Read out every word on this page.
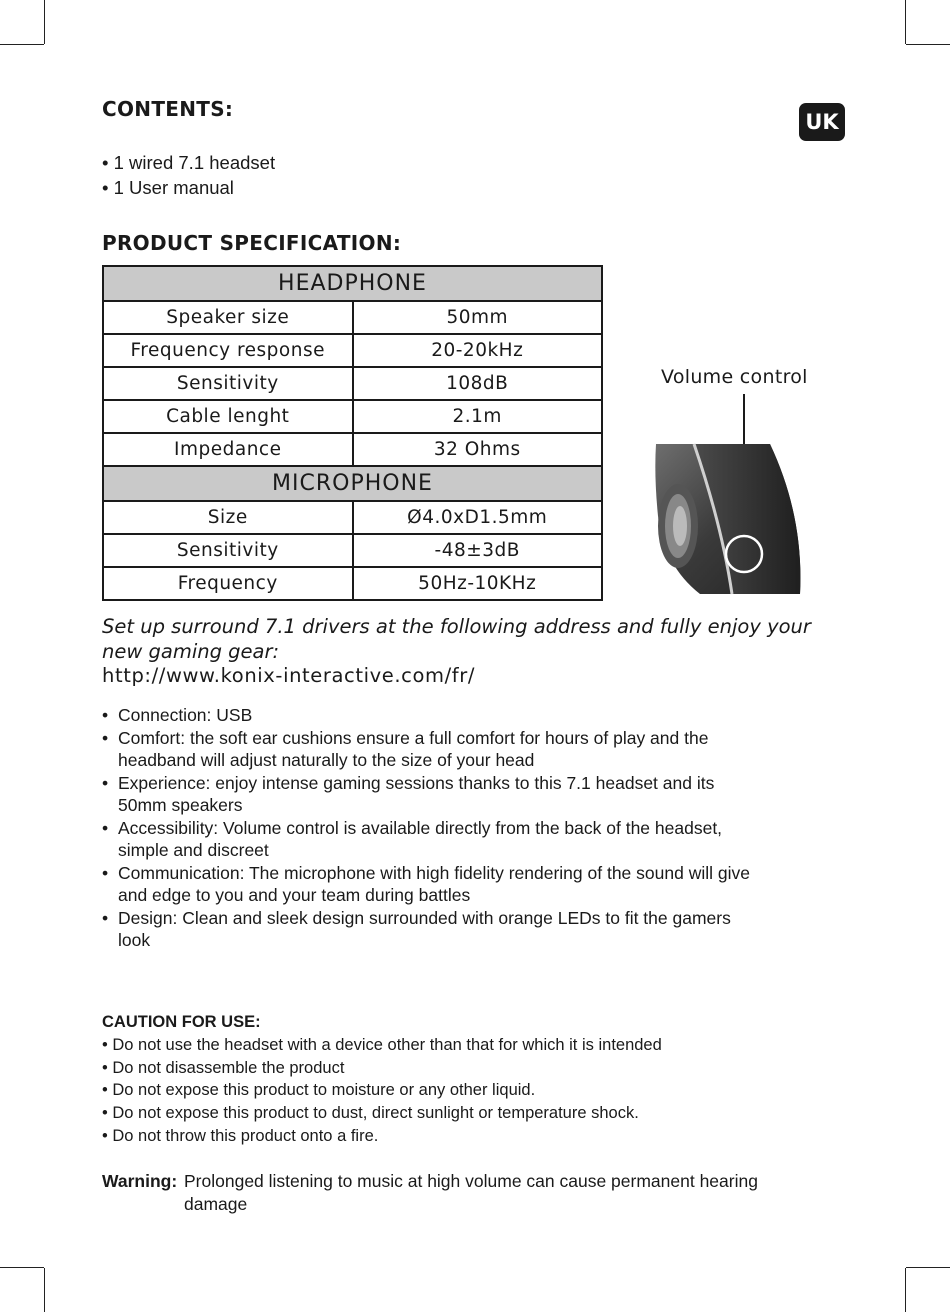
CONTENTS:
UK
• 1 wired 7.1 headset
• 1 User manual
PRODUCT SPECIFICATION:
HEADPHONE	
Speaker size	50mm
Frequency response	20-20kHz
Sensitivity	108dB
Cable lenght	2.1m
Impedance	32 Ohms
MICROPHONE	
Size	Ø4.0xD1.5mm
Sensitivity	-48±3dB
Frequency	50Hz-10KHz
Volume control

Set up surround 7.1 drivers at the following address and fully enjoy your new gaming gear:

http://www.konix-interactive.com/fr/
• Connection: USB
• Comfort: the soft ear cushions ensure a full comfort for hours of play and the headband will adjust naturally to the size of your head
• Experience: enjoy intense gaming sessions thanks to this 7.1 headset and its 50mm speakers
• Accessibility: Volume control is available directly from the back of the headset, simple and discreet
• Communication: The microphone with high fidelity rendering of the sound will give and edge to you and your team during battles
• Design: Clean and sleek design surrounded with orange LEDs to fit the gamers look
CAUTION FOR USE:
• Do not use the headset with a device other than that for which it is intended
• Do not disassemble the product
• Do not expose this product to moisture or any other liquid.
• Do not expose this product to dust, direct sunlight or temperature shock.
• Do not throw this product onto a fire.
Warning: Prolonged listening to music at high volume can cause permanent hearing damage
